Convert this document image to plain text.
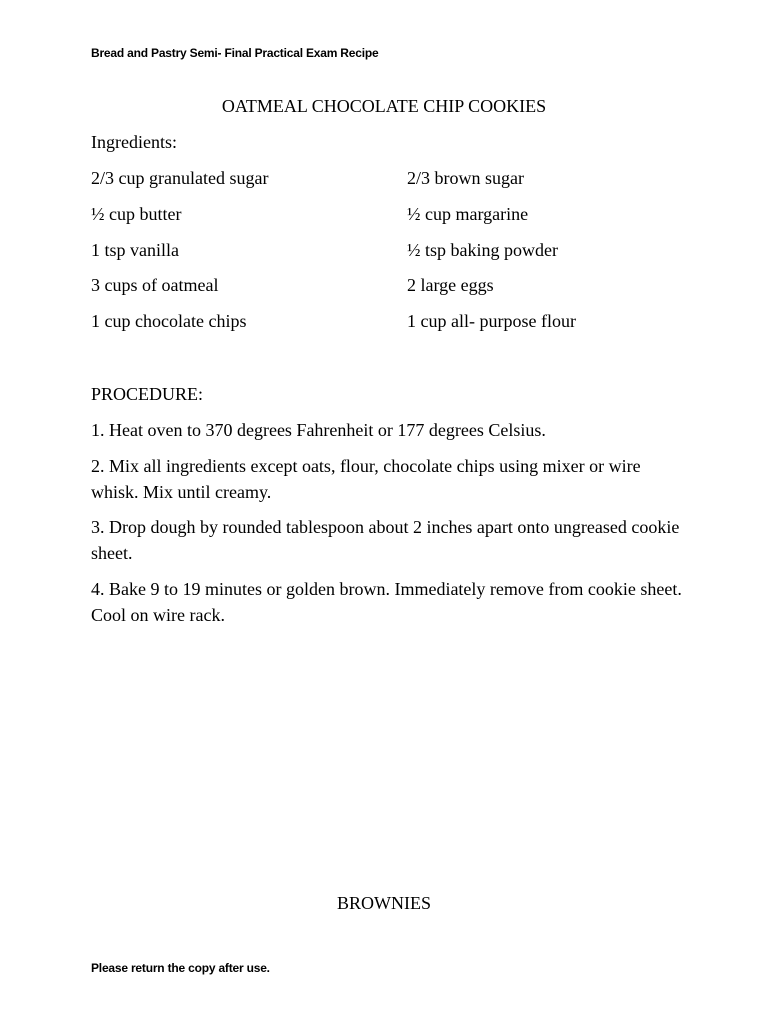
Bread and Pastry Semi- Final Practical Exam Recipe
OATMEAL CHOCOLATE CHIP COOKIES
Ingredients:
2/3 cup granulated sugar
½ cup butter
1 tsp vanilla
3 cups of oatmeal
1 cup chocolate chips
2/3 brown sugar
½ cup margarine
½ tsp baking powder
2 large eggs
1 cup all- purpose flour
PROCEDURE:
1. Heat oven to 370 degrees Fahrenheit or 177 degrees Celsius.
2. Mix all ingredients except oats, flour, chocolate chips using mixer or wire whisk. Mix until creamy.
3. Drop dough by rounded tablespoon about 2 inches apart onto ungreased cookie sheet.
4. Bake 9 to 19 minutes or golden brown. Immediately remove from cookie sheet. Cool on wire rack.
BROWNIES
Please return the copy after use.
